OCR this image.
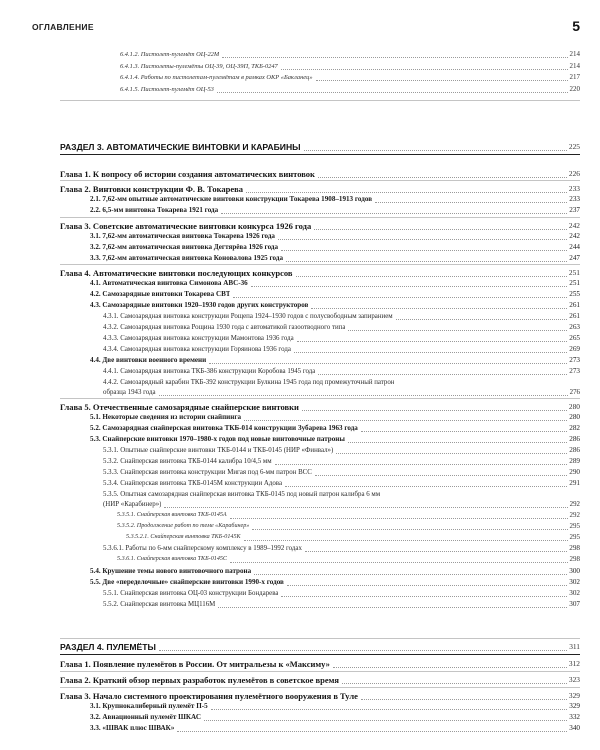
ОГЛАВЛЕНИЕ	5
6.4.1.2. Пистолет-пулемёт ОЦ-22М	214
6.4.1.3. Пистолеты-пулемёты ОЦ-39, ОЦ-39П, ТКБ-0247	214
6.4.1.4. Работы по пистолетам-пулемётам в рамках ОКР «Бакланец»	217
6.4.1.5. Пистолет-пулемёт ОЦ-53	220
РАЗДЕЛ 3. АВТОМАТИЧЕСКИЕ ВИНТОВКИ И КАРАБИНЫ	225
Глава 1. К вопросу об истории создания автоматических винтовок	226
Глава 2. Винтовки конструкции Ф. В. Токарева	233
2.1. 7,62-мм опытные автоматические винтовки конструкции Токарева 1908–1913 годов	233
2.2. 6,5-мм винтовка Токарева 1921 года	237
Глава 3. Советские автоматические винтовки конкурса 1926 года	242
3.1. 7,62-мм автоматическая винтовка Токарева 1926 года	242
3.2. 7,62-мм автоматическая винтовка Дегтярёва 1926 года	244
3.3. 7,62-мм автоматическая винтовка Коновалова 1925 года	247
Глава 4. Автоматические винтовки последующих конкурсов	251
4.1. Автоматическая винтовка Симонова АВС-36	251
4.2. Самозарядные винтовки Токарева СВТ	255
4.3. Самозарядные винтовки 1920–1930 годов других конструкторов	261
4.3.1. Самозарядная винтовка конструкции Рощепа 1924–1930 годов с полусвободным запиранием	261
4.3.2. Самозарядная винтовка Рощина 1930 года с автоматикой газоотводного типа	263
4.3.3. Самозарядная винтовка конструкции Мамонтова 1936 года	265
4.3.4. Самозарядная винтовка конструкции Горяинова 1936 года	269
4.4. Две винтовки военного времени	273
4.4.1. Самозарядная винтовка ТКБ-386 конструкции Коробова 1945 года	273
4.4.2. Самозарядный карабин ТКБ-392 конструкции Булкина 1945 года под промежуточный патрон
образца 1943 года	276
Глава 5. Отечественные самозарядные снайперские винтовки	280
5.1. Некоторые сведения из истории снайпинга	280
5.2. Самозарядная снайперская винтовка ТКБ-014 конструкции Зубарева 1963 года	282
5.3. Снайперские винтовки 1970–1980-х годов под новые винтовочные патроны	286
5.3.1. Опытные снайперские винтовки ТКБ-0144 и ТКБ-0145 (НИР «Финвал»)	286
5.3.2. Снайперская винтовка ТКБ-0144 калибра 10/4,5 мм	289
5.3.3. Снайперская винтовка конструкции Мигая под 6-мм патрон ВСС	290
5.3.4. Снайперская винтовка ТКБ-0145М конструкции Адова	291
5.3.5. Опытная самозарядная снайперская винтовка ТКБ-0145 под новый патрон калибра 6 мм
(НИР «Карабинер»)	292
5.3.5.1. Снайперская винтовка ТКБ-0145А	292
5.3.5.2. Продолжение работ по теме «Карабинер»	295
5.3.5.2.1. Снайперская винтовка ТКБ-0145К	295
5.3.6.1. Работы по 6-мм снайперскому комплексу в 1989–1992 годах	298
5.3.6.1. Снайперская винтовка ТКБ-0145С	298
5.4. Крушение темы нового винтовочного патрона	300
5.5. Две «переделочные» снайперские винтовки 1990-х годов	302
5.5.1. Снайперская винтовка ОЦ-03 конструкции Бондарева	302
5.5.2. Снайперская винтовка МЦ116М	307
РАЗДЕЛ 4. ПУЛЕМЁТЫ	311
Глава 1. Появление пулемётов в России. От митральезы к «Максиму»	312
Глава 2. Краткий обзор первых разработок пулемётов в советское время	323
Глава 3. Начало системного проектирования пулемётного вооружения в Туле	329
3.1. Крупнокалиберный пулемёт П-5	329
3.2. Авиационный пулемёт ШКАС	332
3.3. «ШВАК плюс ШВАК»	340
